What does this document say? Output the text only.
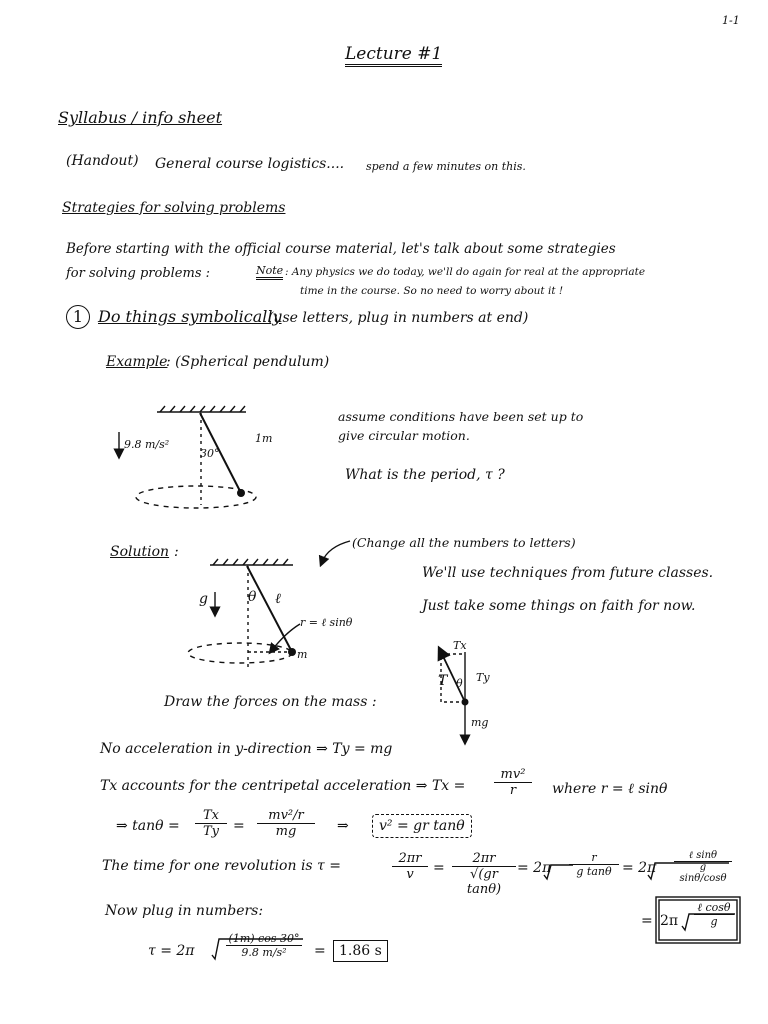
1-1
Lecture #1
Syllabus / info sheet
(Handout) General course logistics.... spend a few minutes on this.
Strategies for solving problems
Before starting with the official course material, let's talk about some strategies
for solving problems :	Note : Any physics we do today, we'll do again for real at the appropriate
time in the course. So no need to worry about it !
1 Do things symbolically
(use letters, plug in numbers at end)
Example
: (Spherical pendulum)
9.8 m/s²	1m
30°
assume conditions have been set up to
give circular motion.
What is the period, τ ?
Solution :
(Change all the numbers to letters)
We'll use techniques from future classes.
Just take some things on faith for now.
g	θ ℓ
r = ℓ sinθ
m
Draw the forces on the mass :
Tx
T	Ty
θ
mg
No acceleration in y-direction ⇒ Ty = mg
Tx accounts for the centripetal acceleration ⇒ $Tx = \frac{\text{mv²}}{r}$ where r = ℓ sinθ
⇒ $\tan\theta = \frac{Tx}{Ty} = \frac{\text{mv²/r}}{mg}$ ⇒	v² = gr tanθ
The time for one revolution is τ =	$\frac{2\pi r}{v} = \frac{2\pi r}{\text{√(gr tanθ)}} = 2\pi \frac{r}{\text{g tanθ}} = 2\pi$
ℓ sinθ
g sinθ/cosθ
= 2π
ℓ cosθ
g
Now plug in numbers:
τ = 2π	$\frac{(1m) \cos 30^\circ}{\text{9.8 m/s²}} = 1.86$ s
